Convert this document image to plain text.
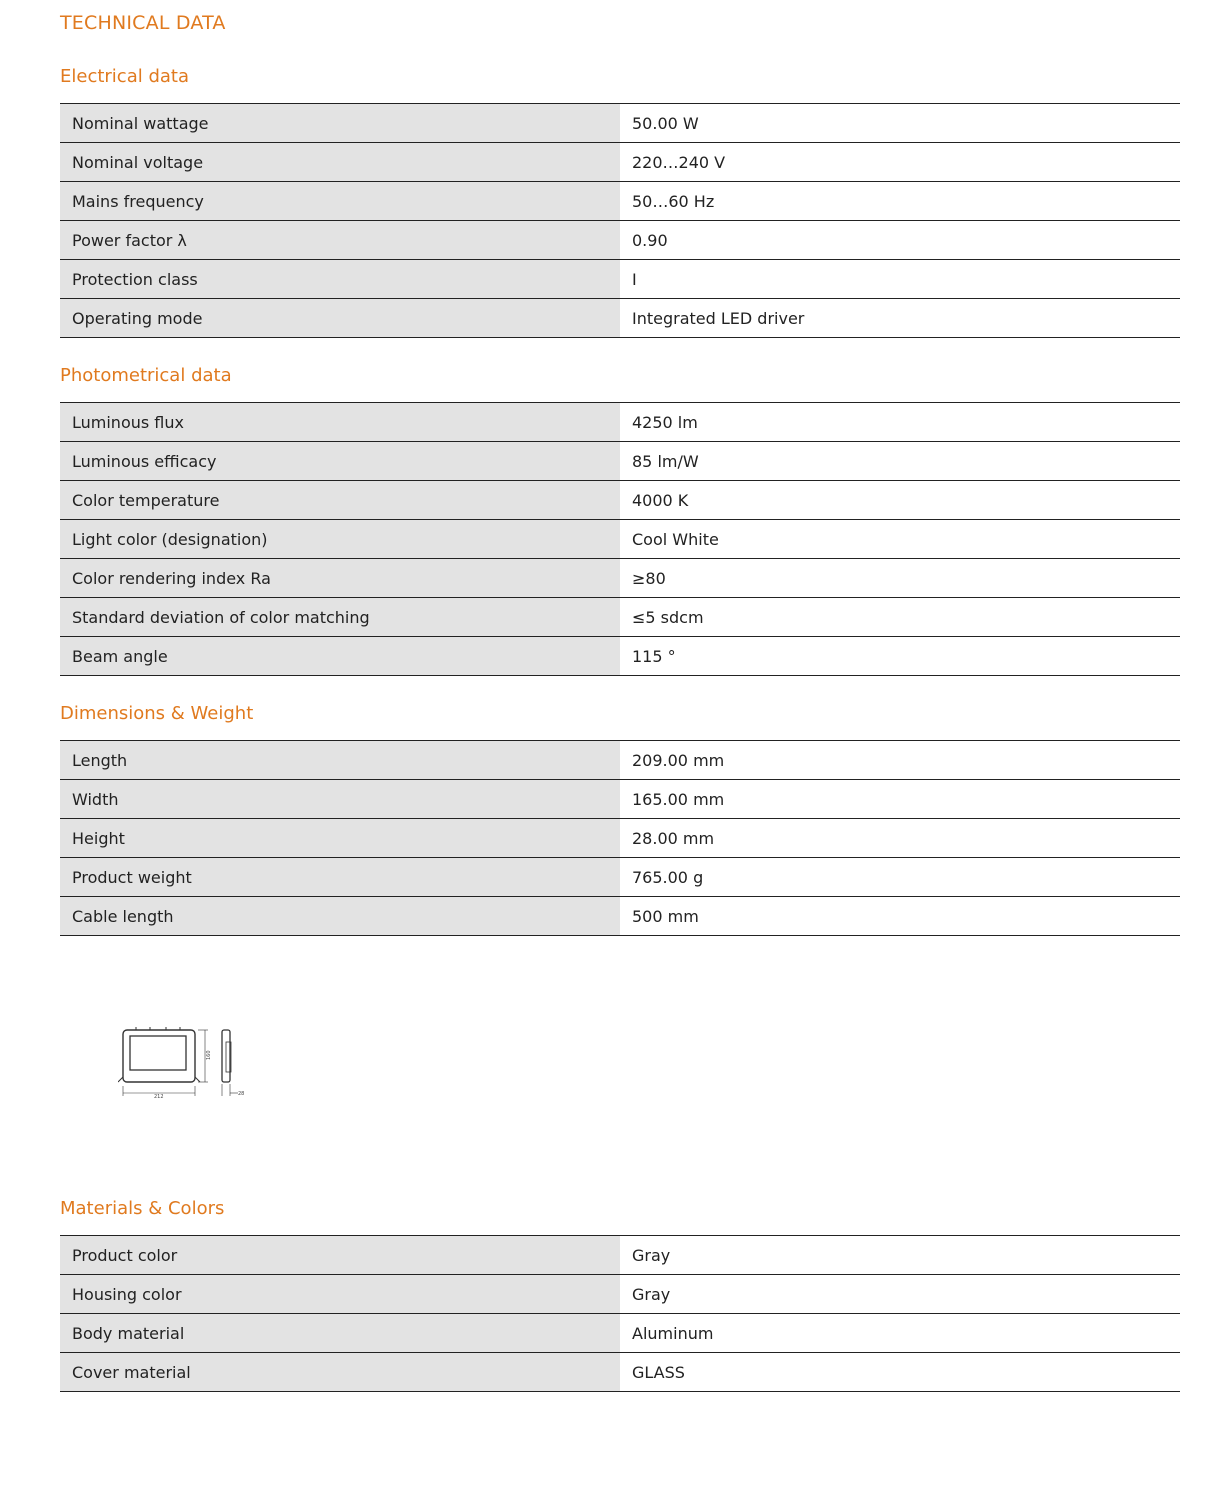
TECHNICAL DATA
Electrical data
Nominal wattage	50.00 W
Nominal voltage	220…240 V
Mains frequency	50…60 Hz
Power factor λ	0.90
Protection class	I
Operating mode	Integrated LED driver
Photometrical data
Luminous flux	4250 lm
Luminous efficacy	85 lm/W
Color temperature	4000 K
Light color (designation)	Cool White
Color rendering index Ra	≥80
Standard deviation of color matching	≤5 sdcm
Beam angle	115 °
Dimensions & Weight
Length	209.00 mm
Width	165.00 mm
Height	28.00 mm
Product weight	765.00 g
Cable length	500 mm
212
160
28
Materials & Colors
Product color	Gray
Housing color	Gray
Body material	Aluminum
Cover material	GLASS
